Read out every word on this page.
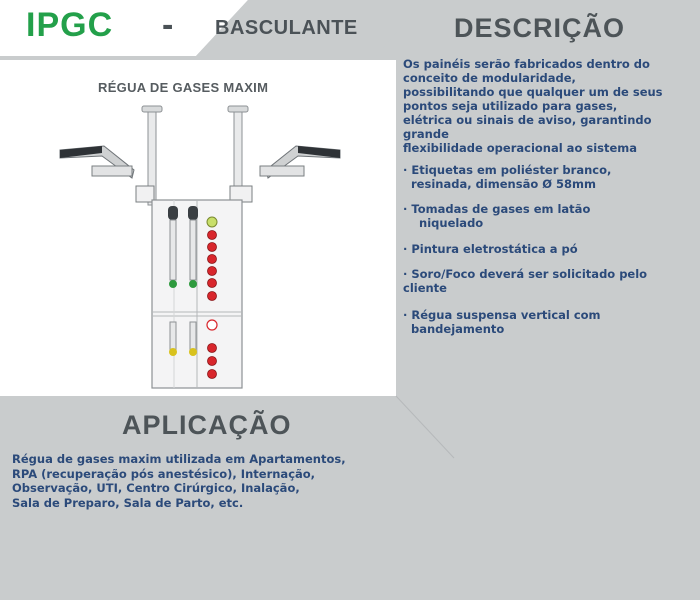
IPGC - BASCULANTE	DESCRIÇÃO
RÉGUA DE GASES MAXIM
Os painéis serão fabricados dentro do
conceito de modularidade,
possibilitando que qualquer um de seus
pontos seja utilizado para gases,
elétrica ou sinais de aviso, garantindo
grande
flexibilidade operacional ao sistema
· Etiquetas em poliéster branco,
resinada, dimensão Ø 58mm
· Tomadas de gases em latão
niquelado
· Pintura eletrostática a pó
· Soro/Foco deverá ser solicitado pelo
cliente
· Régua suspensa vertical com
bandejamento
APLICAÇÃO
Régua de gases maxim utilizada em Apartamentos,
RPA (recuperação pós anestésico), Internação,
Observação, UTI, Centro Cirúrgico, Inalação,
Sala de Preparo, Sala de Parto, etc.
